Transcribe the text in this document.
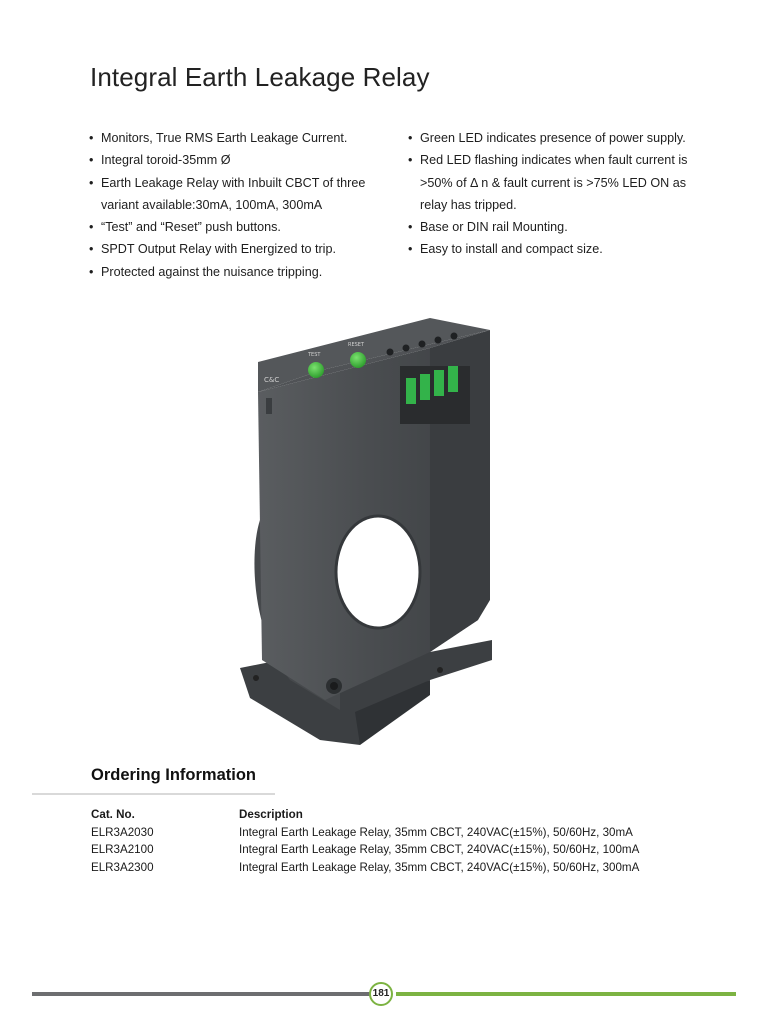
Integral Earth Leakage Relay
• Monitors, True RMS Earth Leakage Current.
• Integral toroid-35mm Ø
• Earth Leakage Relay with Inbuilt CBCT of three variant available:30mA, 100mA, 300mA
• “Test” and “Reset” push buttons.
• SPDT Output Relay with Energized to trip.
• Protected against the nuisance tripping.
• Green LED indicates presence of power supply.
• Red LED flashing indicates when fault current is >50% of Δ n & fault current is >75% LED ON as relay has tripped.
• Base or DIN rail Mounting.
• Easy to install and compact size.
C&C
TEST
RESET
Ordering Information
Cat. No.	Description
ELR3A2030	Integral Earth Leakage Relay, 35mm CBCT, 240VAC(±15%), 50/60Hz, 30mA
ELR3A2100	Integral Earth Leakage Relay, 35mm CBCT, 240VAC(±15%), 50/60Hz, 100mA
ELR3A2300	Integral Earth Leakage Relay, 35mm CBCT, 240VAC(±15%), 50/60Hz, 300mA
181
